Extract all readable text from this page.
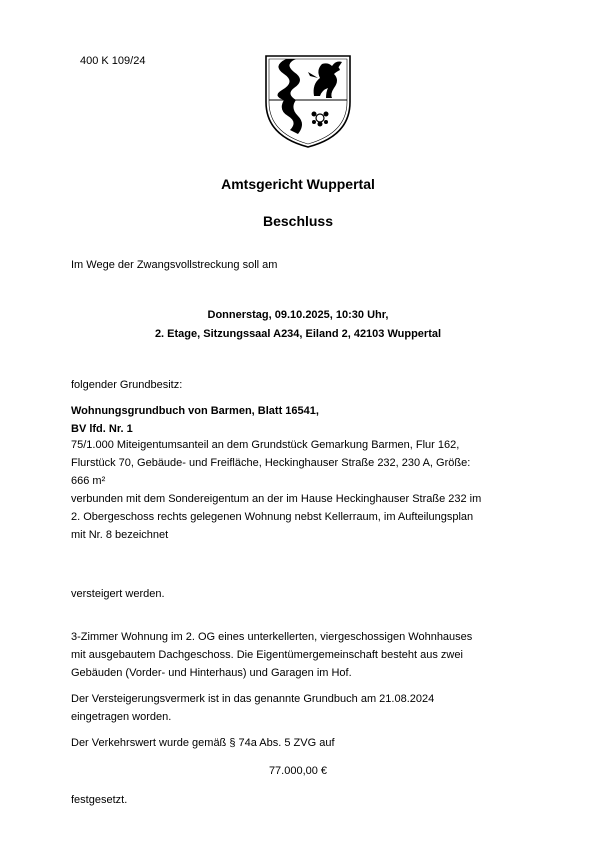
400 K 109/24
Amtsgericht Wuppertal
Beschluss
Im Wege der Zwangsvollstreckung soll am
Donnerstag, 09.10.2025, 10:30 Uhr,
2. Etage, Sitzungssaal A234, Eiland 2, 42103 Wuppertal
folgender Grundbesitz:
Wohnungsgrundbuch von Barmen, Blatt 16541,
BV lfd. Nr. 1
75/1.000 Miteigentumsanteil an dem Grundstück Gemarkung Barmen, Flur 162,
Flurstück 70, Gebäude- und Freifläche, Heckinghauser Straße 232, 230 A, Größe:
666 m²
verbunden mit dem Sondereigentum an der im Hause Heckinghauser Straße 232 im
2. Obergeschoss rechts gelegenen Wohnung nebst Kellerraum, im Aufteilungsplan
mit Nr. 8 bezeichnet
versteigert werden.
3-Zimmer Wohnung im 2. OG eines unterkellerten, viergeschossigen Wohnhauses
mit ausgebautem Dachgeschoss. Die Eigentümergemeinschaft besteht aus zwei
Gebäuden (Vorder- und Hinterhaus) und Garagen im Hof.
Der Versteigerungsvermerk ist in das genannte Grundbuch am 21.08.2024
eingetragen worden.
Der Verkehrswert wurde gemäß § 74a Abs. 5 ZVG auf
77.000,00 €
festgesetzt.
